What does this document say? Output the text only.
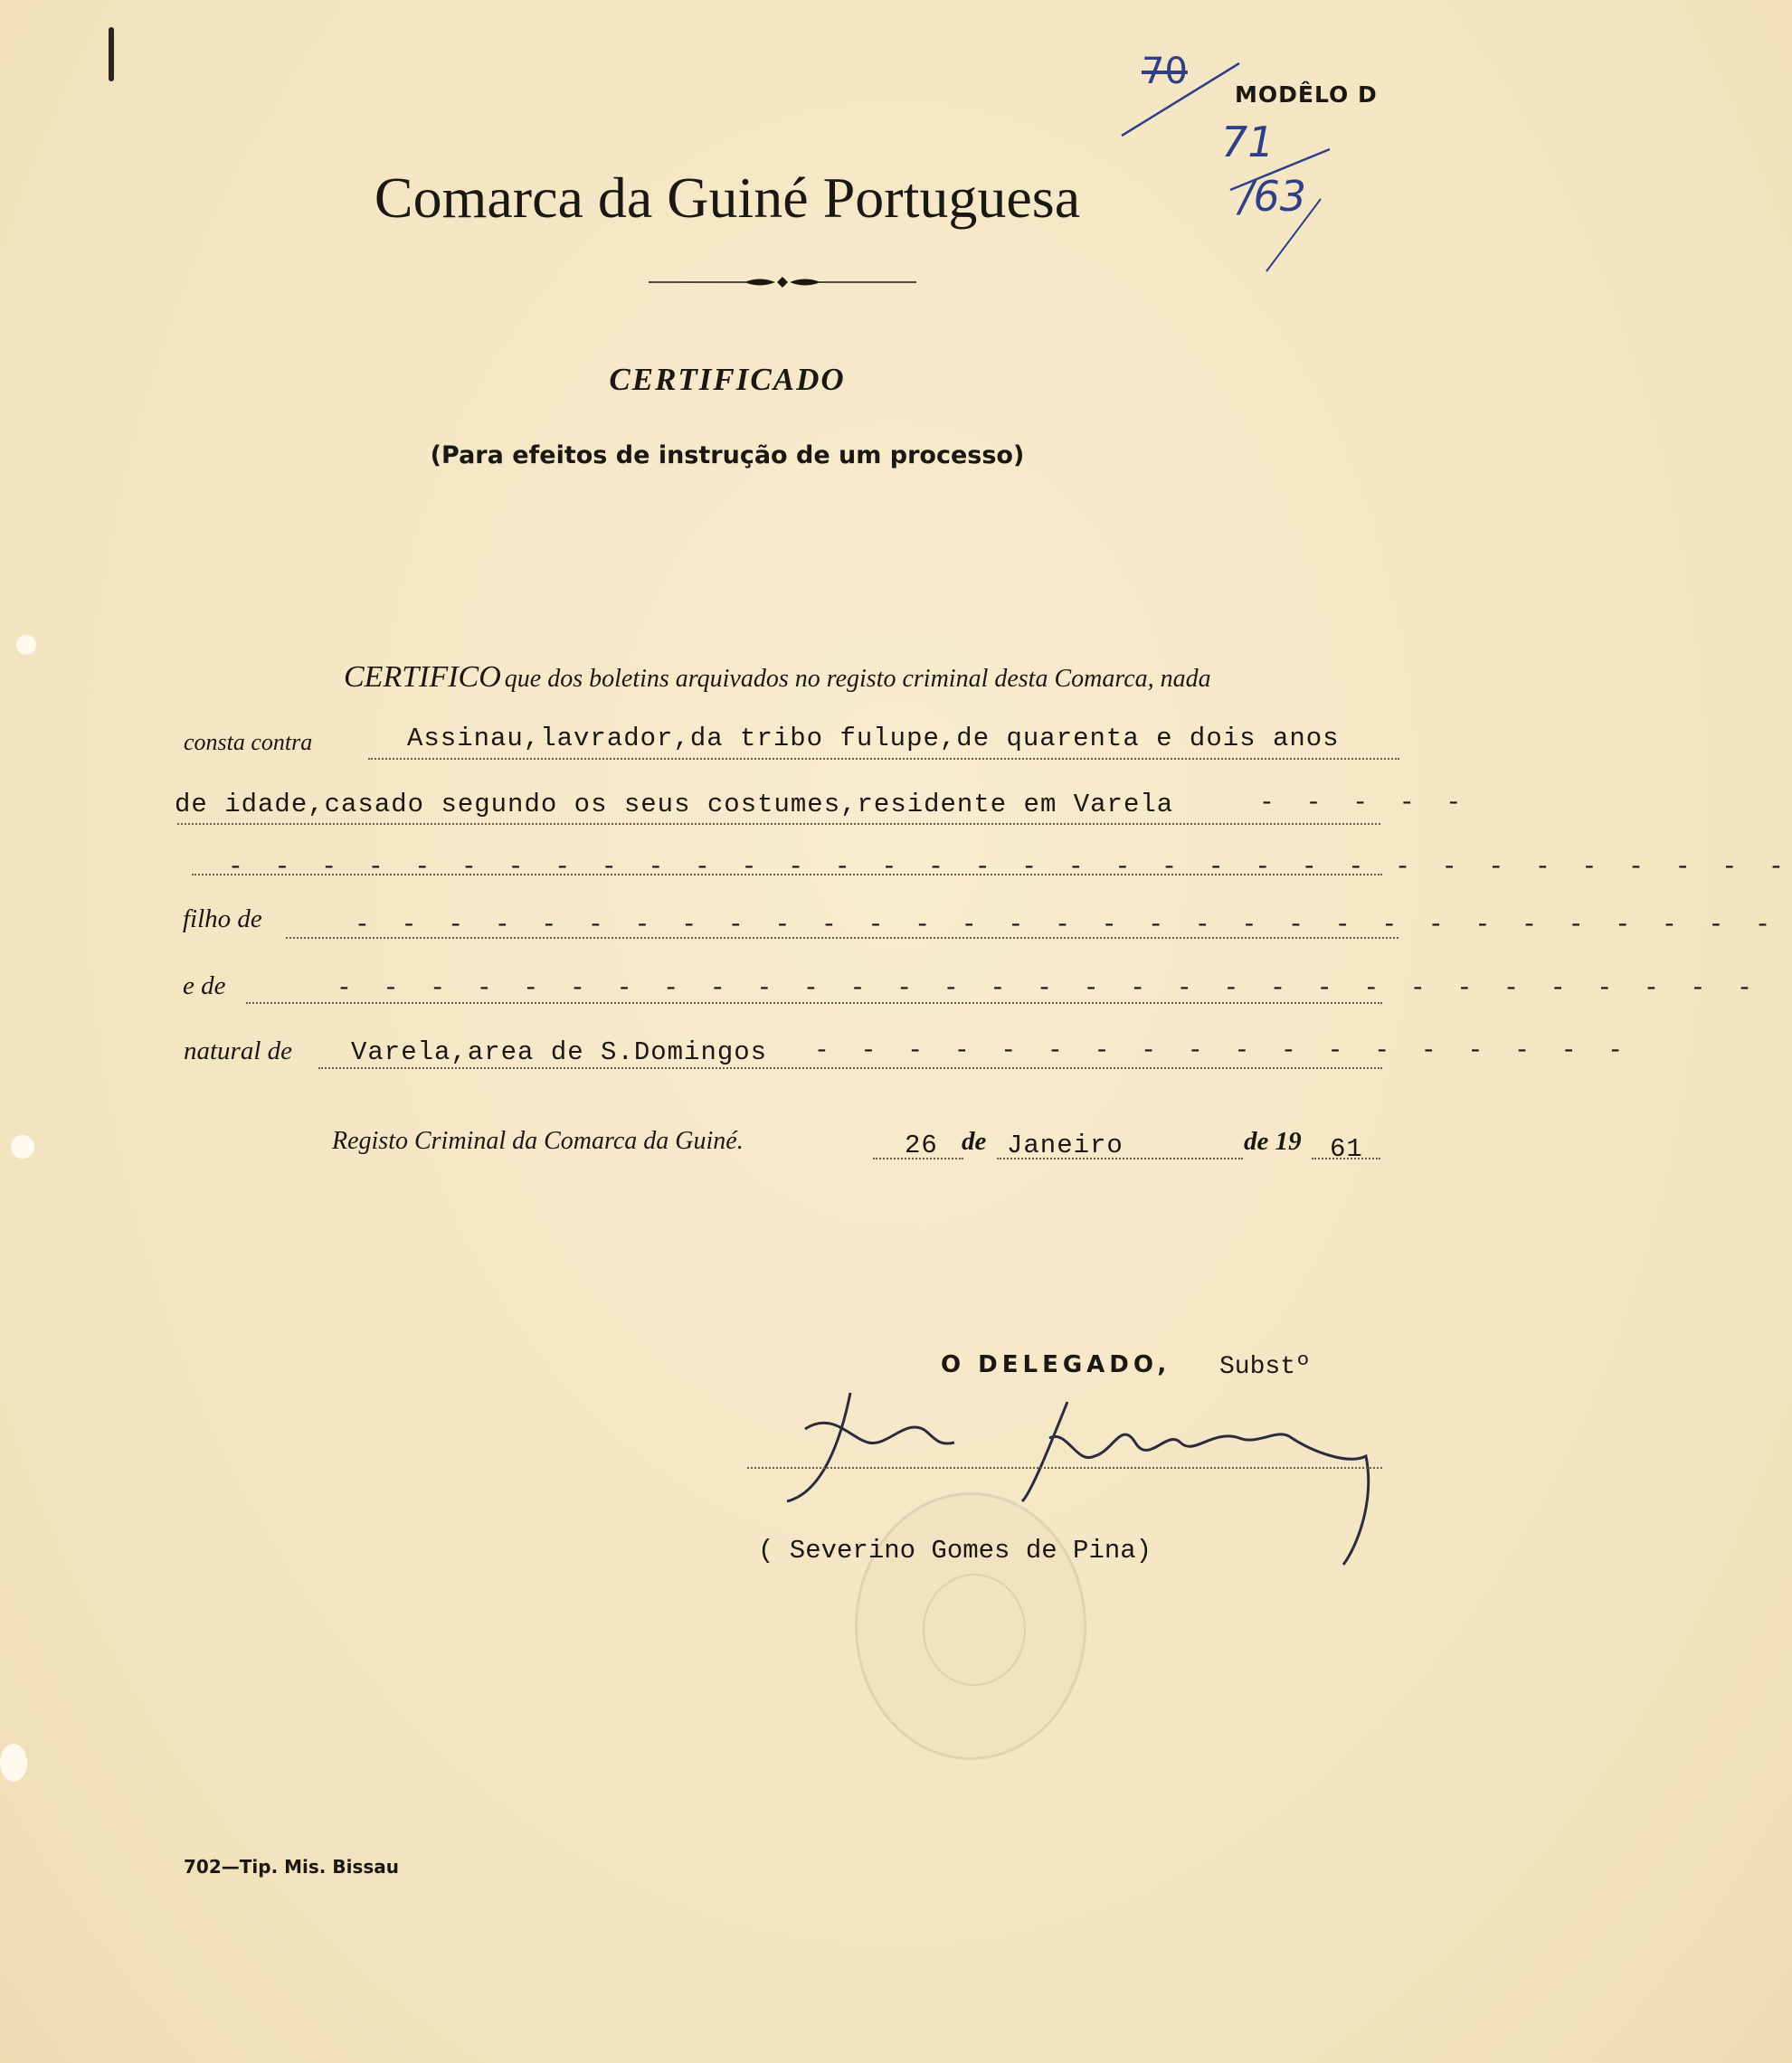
70
71
/63
MODÊLO D
Comarca da Guiné Portuguesa
CERTIFICADO
(Para efeitos de instrução de um processo)
CERTIFICO que dos boletins arquivados no registo criminal desta Comarca, nada
consta contra	Assinau,lavrador,da tribo fulupe,de quarenta e dois anos
de idade,casado segundo os seus costumes,residente em Varela	- - - - -
- - - - - - - - - - - - - - - - - - - - - - - - - - - - - - - - - -
filho de	- - - - - - - - - - - - - - - - - - - - - - - - - - - - - - -
e de	- - - - - - - - - - - - - - - - - - - - - - - - - - - - - - -
natural de Varela,area de S.Domingos - - - - - - - - - - - - - - - - - -
Registo Criminal da Comarca da Guiné.	26 de Janeiro	de 19 61
O DELEGADO, Substº
( Severino Gomes de Pina)
702—Tip. Mis. Bissau
